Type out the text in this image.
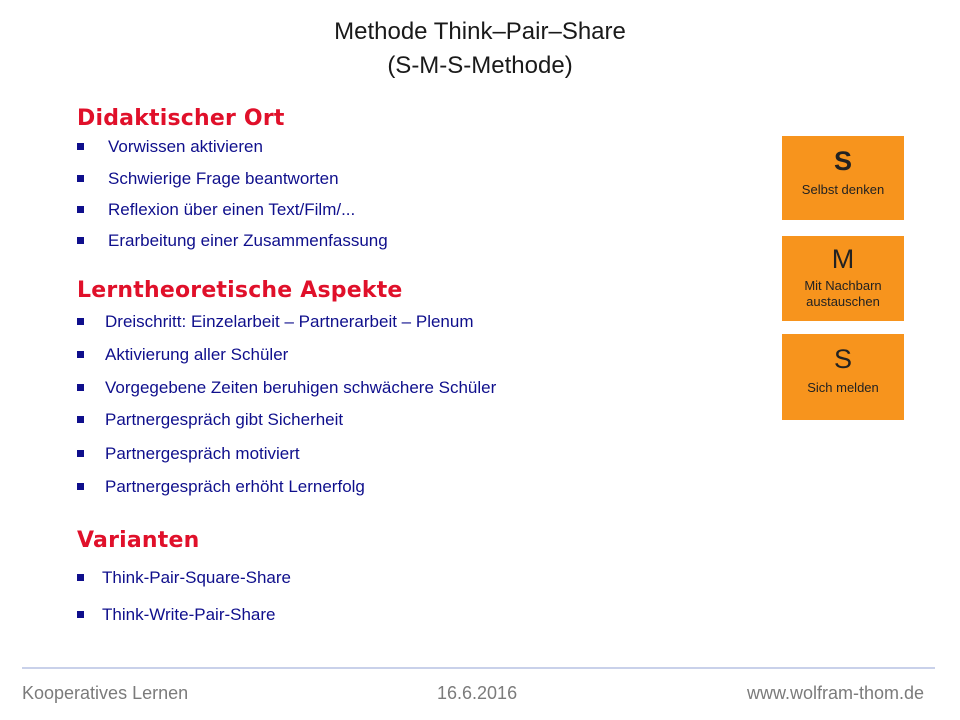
Methode Think–Pair–Share
(S-M-S-Methode)
Didaktischer Ort
Vorwissen aktivieren
Schwierige Frage beantworten
Reflexion über einen Text/Film/...
Erarbeitung einer Zusammenfassung
Lerntheoretische Aspekte
Dreischritt: Einzelarbeit – Partnerarbeit – Plenum
Aktivierung aller Schüler
Vorgegebene Zeiten beruhigen schwächere Schüler
Partnergespräch gibt Sicherheit
Partnergespräch motiviert
Partnergespräch erhöht Lernerfolg
Varianten
Think-Pair-Square-Share
Think-Write-Pair-Share
S
Selbst denken
M
Mit Nachbarn
austauschen
S
Sich melden
Kooperatives Lernen	16.6.2016	www.wolfram-thom.de
